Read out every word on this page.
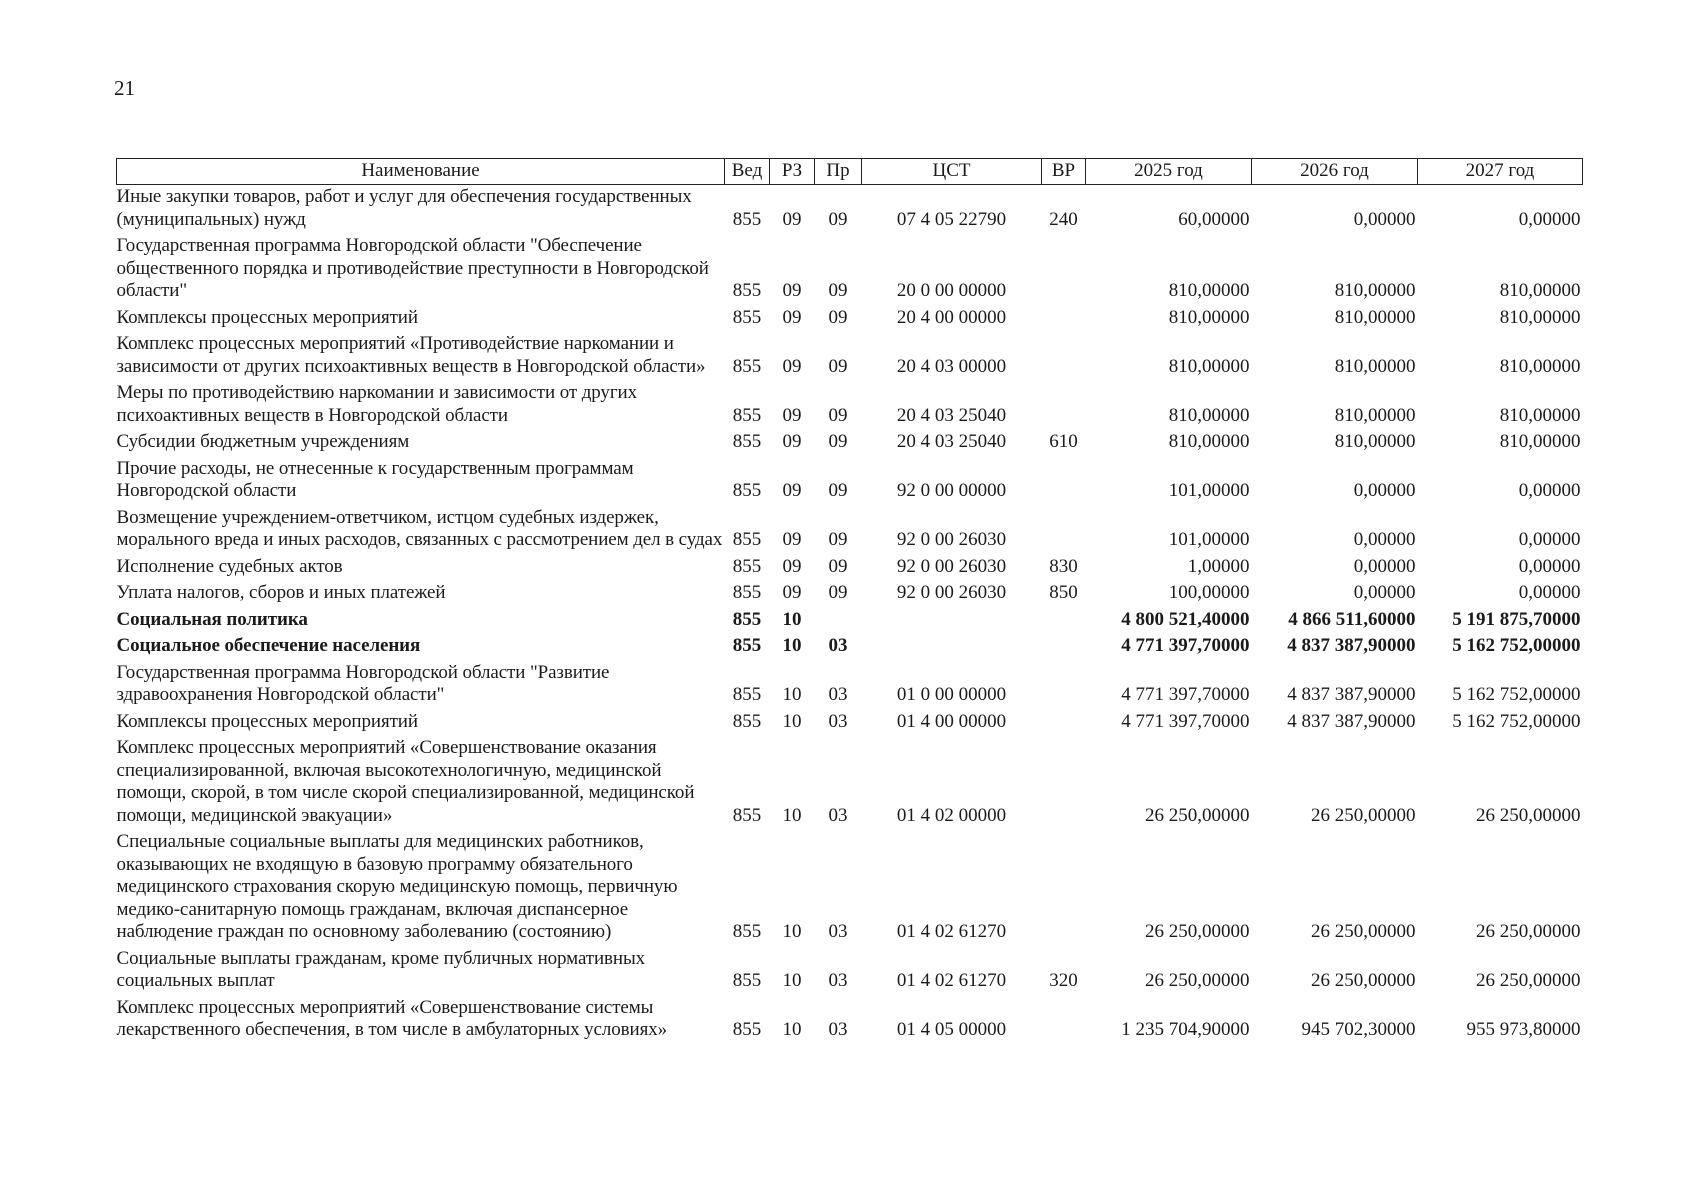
21
Наименование	Вед	РЗ	Пр	ЦСТ	ВР	2025 год	2026 год	2027 год
Иные закупки товаров, работ и услуг для обеспечения государственных (муниципальных) нужд	855	09	09	07 4 05 22790	240	60,00000	0,00000	0,00000
Государственная программа Новгородской области "Обеспечение общественного порядка и противодействие преступности в Новгородской области"	855	09	09	20 0 00 00000		810,00000	810,00000	810,00000
Комплексы процессных мероприятий	855	09	09	20 4 00 00000		810,00000	810,00000	810,00000
Комплекс процессных мероприятий «Противодействие наркомании и зависимости от других психоактивных веществ в Новгородской области»	855	09	09	20 4 03 00000		810,00000	810,00000	810,00000
Меры по противодействию наркомании и зависимости от других психоактивных веществ в Новгородской области	855	09	09	20 4 03 25040		810,00000	810,00000	810,00000
Субсидии бюджетным учреждениям	855	09	09	20 4 03 25040	610	810,00000	810,00000	810,00000
Прочие расходы, не отнесенные к государственным программам Новгородской области	855	09	09	92 0 00 00000		101,00000	0,00000	0,00000
Возмещение учреждением-ответчиком, истцом судебных издержек, морального вреда и иных расходов, связанных с рассмотрением дел в судах	855	09	09	92 0 00 26030		101,00000	0,00000	0,00000
Исполнение судебных актов	855	09	09	92 0 00 26030	830	1,00000	0,00000	0,00000
Уплата налогов, сборов и иных платежей	855	09	09	92 0 00 26030	850	100,00000	0,00000	0,00000
Социальная политика	855	10				4 800 521,40000	4 866 511,60000	5 191 875,70000
Социальное обеспечение населения	855	10	03			4 771 397,70000	4 837 387,90000	5 162 752,00000
Государственная программа Новгородской области "Развитие здравоохранения Новгородской области"	855	10	03	01 0 00 00000		4 771 397,70000	4 837 387,90000	5 162 752,00000
Комплексы процессных мероприятий	855	10	03	01 4 00 00000		4 771 397,70000	4 837 387,90000	5 162 752,00000
Комплекс процессных мероприятий «Совершенствование оказания специализированной, включая высокотехнологичную, медицинской помощи, скорой, в том числе скорой специализированной, медицинской помощи, медицинской эвакуации»	855	10	03	01 4 02 00000		26 250,00000	26 250,00000	26 250,00000
Специальные социальные выплаты для медицинских работников, оказывающих не входящую в базовую программу обязательного медицинского страхования скорую медицинскую помощь, первичную медико-санитарную помощь гражданам, включая диспансерное наблюдение граждан по основному заболеванию (состоянию)	855	10	03	01 4 02 61270		26 250,00000	26 250,00000	26 250,00000
Социальные выплаты гражданам, кроме публичных нормативных социальных выплат	855	10	03	01 4 02 61270	320	26 250,00000	26 250,00000	26 250,00000
Комплекс процессных мероприятий «Совершенствование системы лекарственного обеспечения, в том числе в амбулаторных условиях»	855	10	03	01 4 05 00000		1 235 704,90000	945 702,30000	955 973,80000
